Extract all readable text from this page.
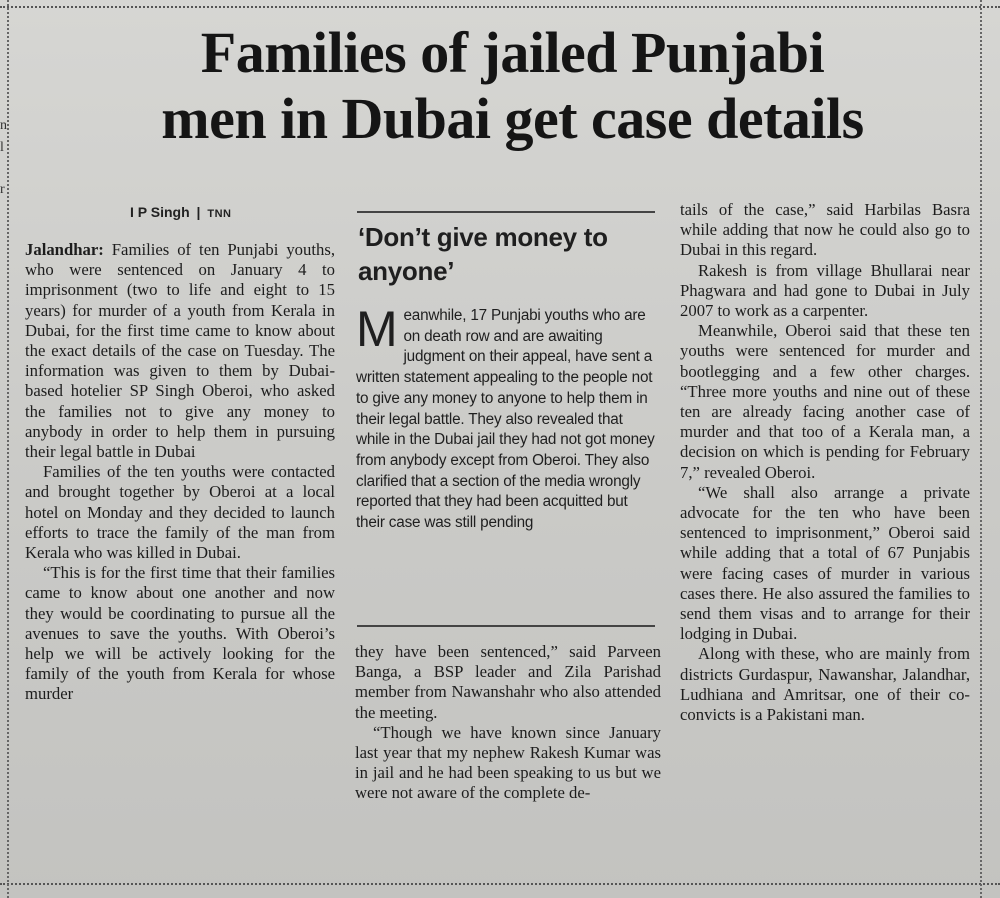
n
l
r
Families of jailed Punjabi
men in Dubai get case details
I P Singh | TNN

Jalandhar: Families of ten Punjabi youths, who were sentenced on January 4 to imprisonment (two to life and eight to 15 years) for murder of a youth from Kerala in Dubai, for the first time came to know about the exact details of the case on Tuesday. The information was given to them by Dubai-based hotelier SP Singh Oberoi, who asked the families not to give any money to anybody in order to help them in pursuing their legal battle in Dubai

Families of the ten youths were contacted and brought together by Oberoi at a local hotel on Monday and they decided to launch efforts to trace the family of the man from Kerala who was killed in Dubai.

“This is for the first time that their families came to know about one another and now they would be coordinating to pursue all the avenues to save the youths. With Oberoi’s help we will be actively looking for the family of the youth from Kerala for whose murder

‘Don’t give money to anyone’

Meanwhile, 17 Punjabi youths who are on death row and are awaiting judgment on their appeal, have sent a written statement appealing to the people not to give any money to anyone to help them in their legal battle. They also revealed that while in the Dubai jail they had not got money from anybody except from Oberoi. They also clarified that a section of the media wrongly reported that they had been acquitted but their case was still pending

they have been sentenced,” said Parveen Banga, a BSP leader and Zila Parishad member from Nawanshahr who also attended the meeting.

“Though we have known since January last year that my nephew Rakesh Kumar was in jail and he had been speaking to us but we were not aware of the complete de-

tails of the case,” said Harbilas Basra while adding that now he could also go to Dubai in this regard.

Rakesh is from village Bhullarai near Phagwara and had gone to Dubai in July 2007 to work as a carpenter.

Meanwhile, Oberoi said that these ten youths were sentenced for murder and bootlegging and a few other charges. “Three more youths and nine out of these ten are already facing another case of murder and that too of a Kerala man, a decision on which is pending for February 7,” revealed Oberoi.

“We shall also arrange a private advocate for the ten who have been sentenced to imprisonment,” Oberoi said while adding that a total of 67 Punjabis were facing cases of murder in various cases there. He also assured the families to send them visas and to arrange for their lodging in Dubai.

Along with these, who are mainly from districts Gurdaspur, Nawanshar, Jalandhar, Ludhiana and Amritsar, one of their co-convicts is a Pakistani man.
